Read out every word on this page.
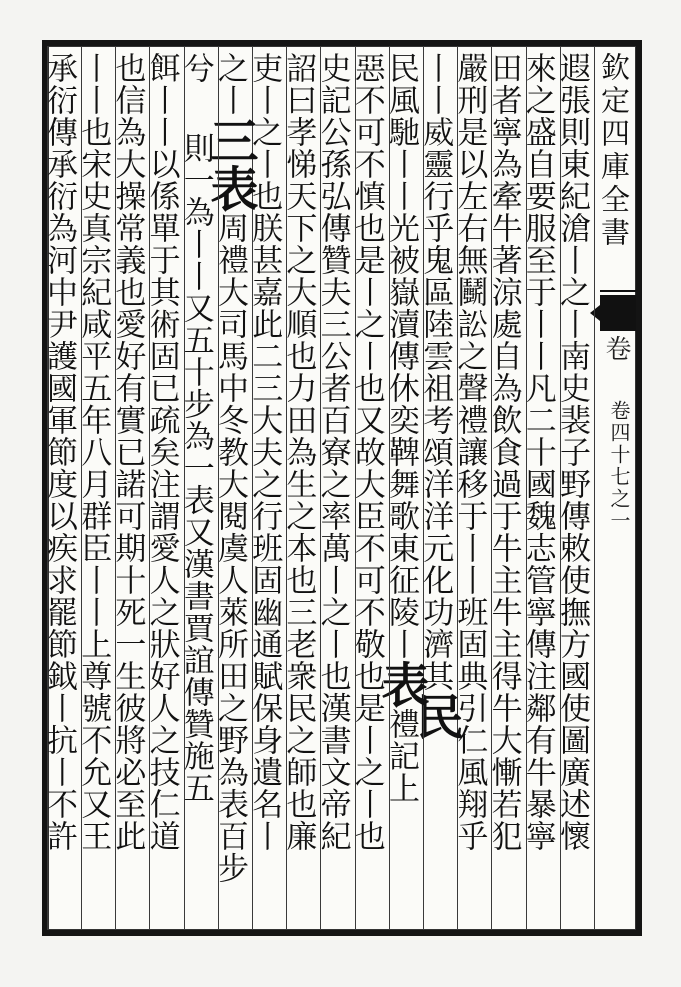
欽定四庫全書
卷
卷四十七之一
遐張則東紀滄丨之丨南史裴子野傳敕使撫方國使圖廣述懷
來之盛自要服至于丨丨凡二十國魏志管寧傳注鄰有牛暴寧
田者寧為牽牛著涼處自為飲食過于牛主牛主得牛大慚若犯
嚴刑是以左右無鬭訟之聲禮讓移于丨丨班固典引仁風翔乎
丨丨威靈行乎鬼區陸雲祖考頌洋洋元化功濟其民
民風馳丨丨光被嶽瀆傳休奕鞞舞歌東征陵丨表禮記上
惡不可不慎也是丨之丨也又故大臣不可不敬也是丨之丨也
史記公孫弘傳贊夫三公者百寮之率萬丨之丨也漢書文帝紀
詔曰孝悌天下之大順也力田為生之本也三老衆民之師也廉
吏丨之丨也朕甚嘉此二三大夫之行班固幽通賦保身遺名丨
之丨三表周禮大司馬中冬教大閱虞人萊所田之野為表百步
兮　則一為丨丨又五十步為一表又漢書賈誼傳贊施五
餌丨丨以係單于其術固已疏矣注謂愛人之狀好人之技仁道
也信為大操常義也愛好有實已諾可期十死一生彼將必至此
丨丨也宋史真宗紀咸平五年八月群臣丨丨上尊號不允又王
承衍傳承衍為河中尹護國軍節度以疾求罷節鉞丨抗丨不許
